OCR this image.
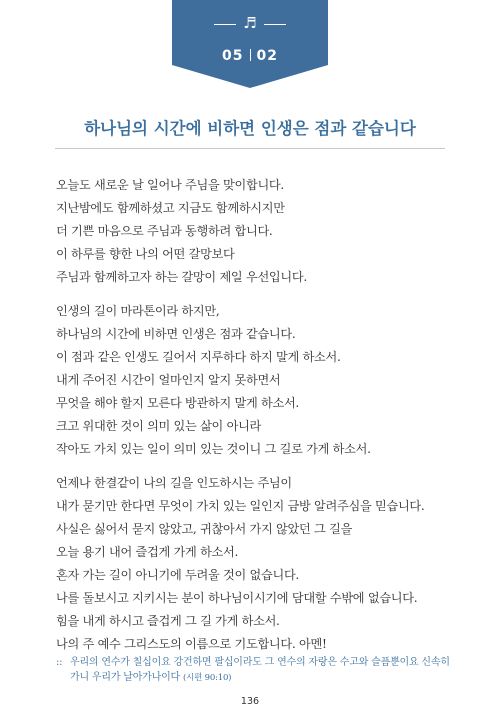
♬
05 02
하나님의 시간에 비하면 인생은 점과 같습니다
오늘도 새로운 날 일어나 주님을 맞이합니다.
지난밤에도 함께하셨고 지금도 함께하시지만
더 기쁜 마음으로 주님과 동행하려 합니다.
이 하루를 향한 나의 어떤 갈망보다
주님과 함께하고자 하는 갈망이 제일 우선입니다.
인생의 길이 마라톤이라 하지만,
하나님의 시간에 비하면 인생은 점과 같습니다.
이 점과 같은 인생도 길어서 지루하다 하지 말게 하소서.
내게 주어진 시간이 얼마인지 알지 못하면서
무엇을 해야 할지 모른다 방관하지 말게 하소서.
크고 위대한 것이 의미 있는 삶이 아니라
작아도 가치 있는 일이 의미 있는 것이니 그 길로 가게 하소서.
언제나 한결같이 나의 길을 인도하시는 주님이
내가 묻기만 한다면 무엇이 가치 있는 일인지 금방 알려주심을 믿습니다.
사실은 싫어서 묻지 않았고, 귀찮아서 가지 않았던 그 길을
오늘 용기 내어 즐겁게 가게 하소서.
혼자 가는 길이 아니기에 두려울 것이 없습니다.
나를 돌보시고 지키시는 분이 하나님이시기에 담대할 수밖에 없습니다.
힘을 내게 하시고 즐겁게 그 길 가게 하소서.
나의 주 예수 그리스도의 이름으로 기도합니다. 아멘!
:: 우리의 연수가 칠십이요 강건하면 팔십이라도 그 연수의 자랑은 수고와 슬픔뿐이요 신속히 가니 우리가 날아가나이다 (시편 90:10)
136
